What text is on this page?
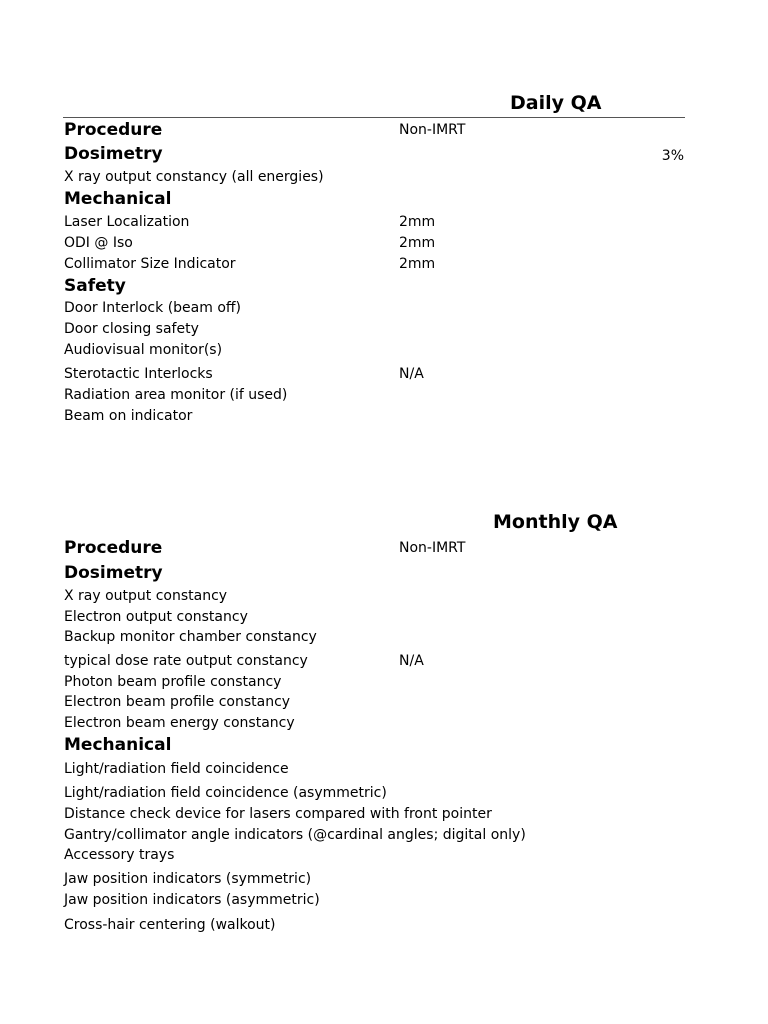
Daily QA
Procedure	Non-IMRT
Dosimetry	3%
X ray output constancy (all energies)
Mechanical
Laser Localization	2mm
ODI @ Iso	2mm
Collimator Size Indicator	2mm
Safety
Door Interlock (beam off)
Door closing safety
Audiovisual monitor(s)
Sterotactic Interlocks	N/A
Radiation area monitor (if used)
Beam on indicator
Monthly QA
Procedure	Non-IMRT
Dosimetry
X ray output constancy
Electron output constancy
Backup monitor chamber constancy
typical dose rate output constancy	N/A
Photon beam profile constancy
Electron beam profile constancy
Electron beam energy constancy
Mechanical
Light/radiation field coincidence
Light/radiation field coincidence (asymmetric)
Distance check device for lasers compared with front pointer
Gantry/collimator angle indicators (@cardinal angles; digital only)
Accessory trays
Jaw position indicators (symmetric)
Jaw position indicators (asymmetric)
Cross-hair centering (walkout)
